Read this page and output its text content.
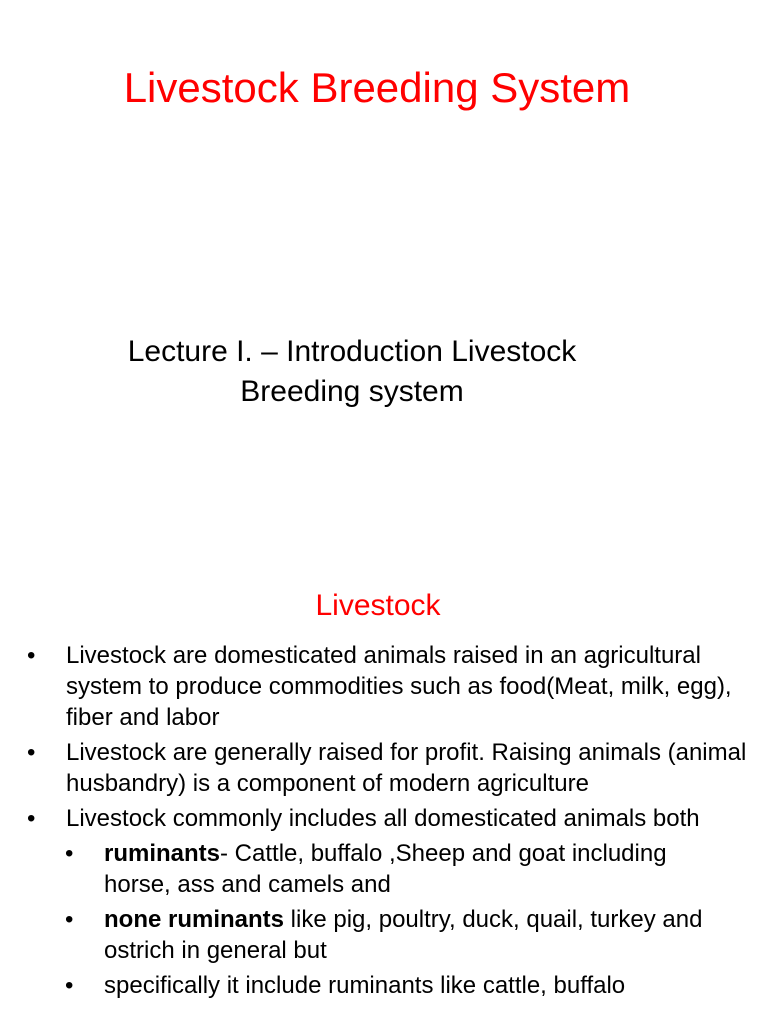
Livestock Breeding System
Lecture I. – Introduction Livestock
Breeding system
Livestock
• Livestock are domesticated animals raised in an agricultural system to produce commodities such as food(Meat, milk, egg), fiber and labor
• Livestock are generally raised for profit. Raising animals (animal husbandry) is a component of modern agriculture
• Livestock commonly includes all domesticated animals both
• ruminants- Cattle, buffalo ,Sheep and goat including horse, ass and camels and
• none ruminants like pig, poultry, duck, quail, turkey and ostrich in general but
• specifically it include ruminants like cattle, buffalo
